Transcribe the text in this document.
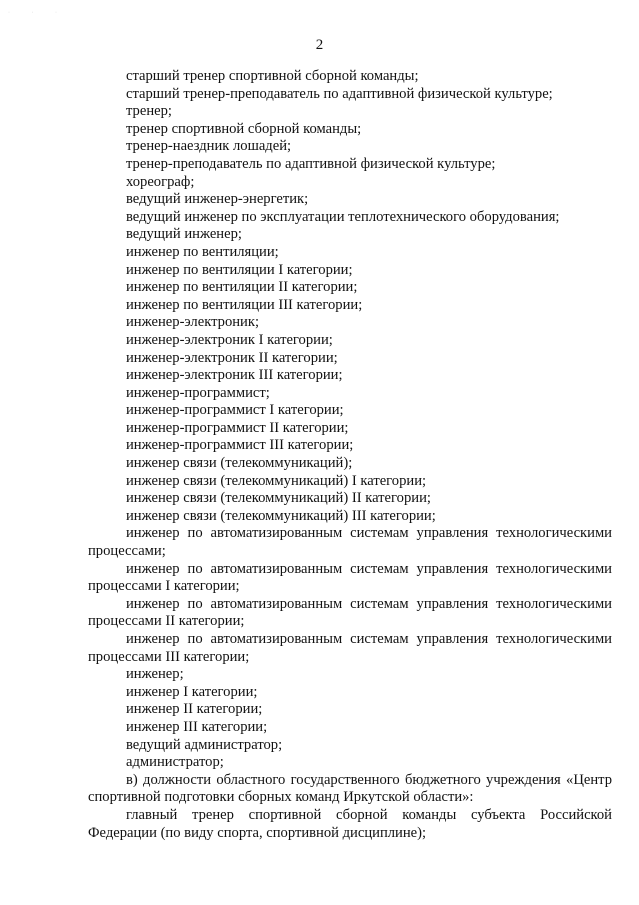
· · ·
2

старший тренер спортивной сборной команды;

старший тренер-преподаватель по адаптивной физической культуре;

тренер;

тренер спортивной сборной команды;

тренер-наездник лошадей;

тренер-преподаватель по адаптивной физической культуре;

хореограф;

ведущий инженер-энергетик;

ведущий инженер по эксплуатации теплотехнического оборудования;

ведущий инженер;

инженер по вентиляции;

инженер по вентиляции I категории;

инженер по вентиляции II категории;

инженер по вентиляции III категории;

инженер-электроник;

инженер-электроник I категории;

инженер-электроник II категории;

инженер-электроник III категории;

инженер-программист;

инженер-программист I категории;

инженер-программист II категории;

инженер-программист III категории;

инженер связи (телекоммуникаций);

инженер связи (телекоммуникаций) I категории;

инженер связи (телекоммуникаций) II категории;

инженер связи (телекоммуникаций) III категории;

инженер по автоматизированным системам управления технологическими процессами;

инженер по автоматизированным системам управления технологическими процессами I категории;

инженер по автоматизированным системам управления технологическими процессами II категории;

инженер по автоматизированным системам управления технологическими процессами III категории;

инженер;

инженер I категории;

инженер II категории;

инженер III категории;

ведущий администратор;

администратор;

в) должности областного государственного бюджетного учреждения «Центр спортивной подготовки сборных команд Иркутской области»:

главный тренер спортивной сборной команды субъекта Российской Федерации (по виду спорта, спортивной дисциплине);
